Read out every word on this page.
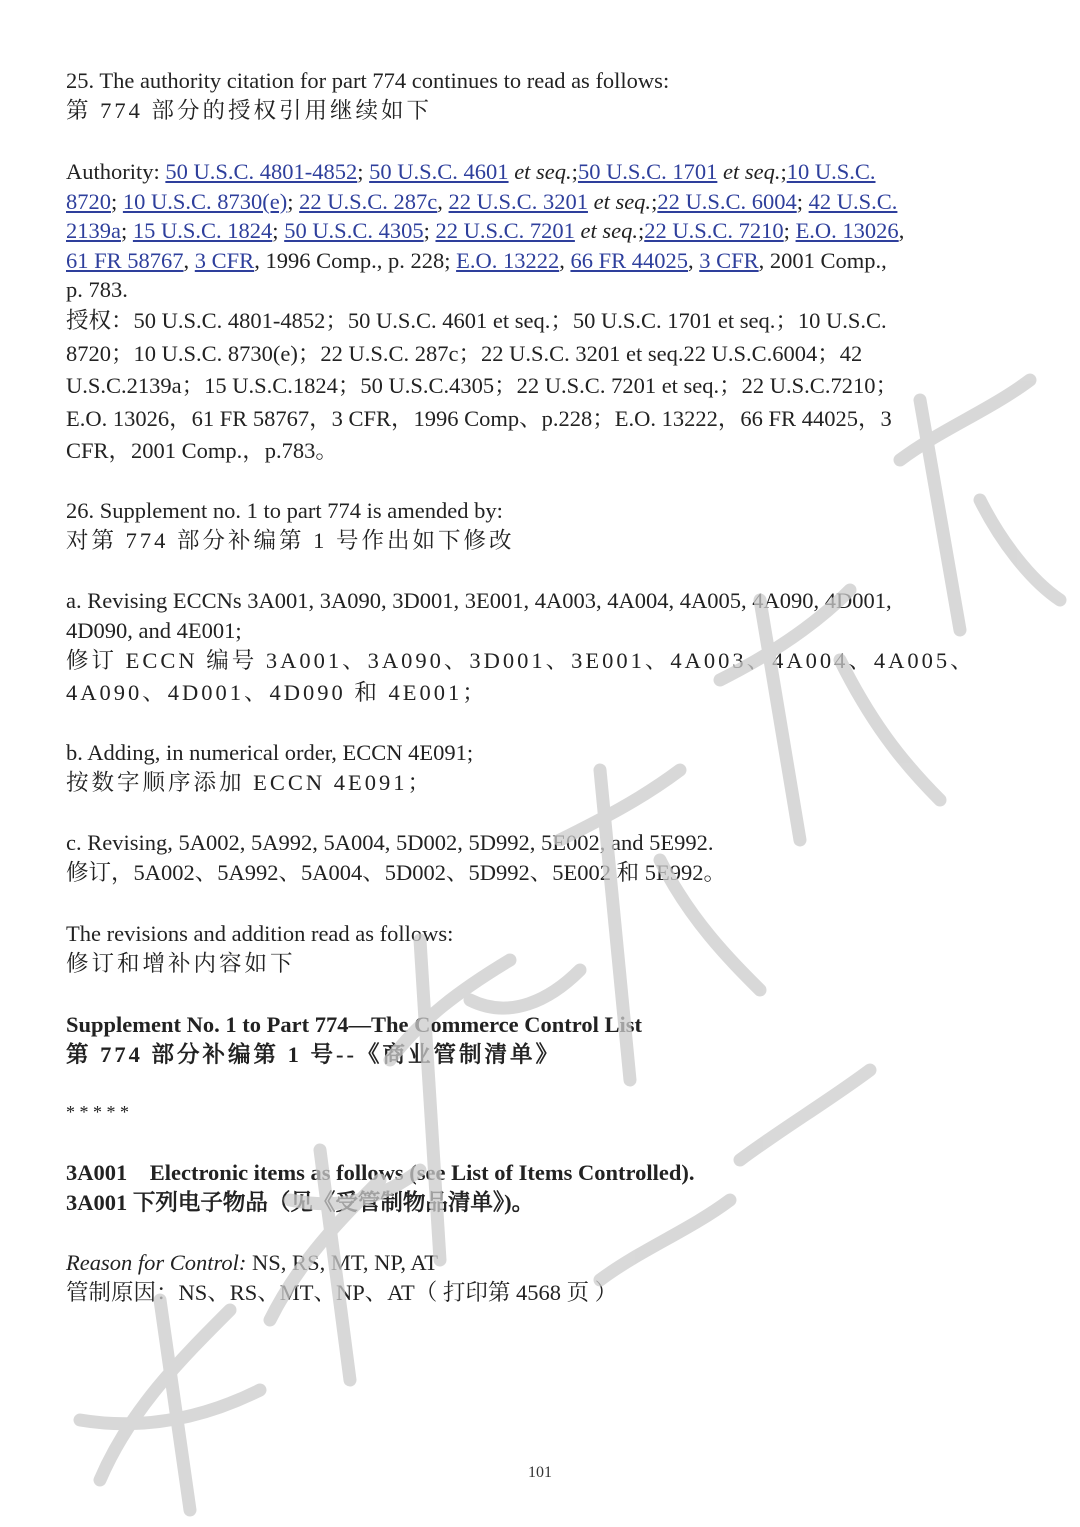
25. The authority citation for part 774 continues to read as follows:
第 774 部分的授权引用继续如下
Authority: 50 U.S.C. 4801-4852; 50 U.S.C. 4601 et seq.;50 U.S.C. 1701 et seq.;10 U.S.C.
8720; 10 U.S.C. 8730(e); 22 U.S.C. 287c, 22 U.S.C. 3201 et seq.;22 U.S.C. 6004; 42 U.S.C.
2139a; 15 U.S.C. 1824; 50 U.S.C. 4305; 22 U.S.C. 7201 et seq.;22 U.S.C. 7210; E.O. 13026,
61 FR 58767, 3 CFR, 1996 Comp., p. 228; E.O. 13222, 66 FR 44025, 3 CFR, 2001 Comp.,
p. 783.
授权：50 U.S.C. 4801-4852；50 U.S.C. 4601 et seq.；50 U.S.C. 1701 et seq.；10 U.S.C.
8720；10 U.S.C. 8730(e)；22 U.S.C. 287c；22 U.S.C. 3201 et seq.22 U.S.C.6004；42
U.S.C.2139a；15 U.S.C.1824；50 U.S.C.4305；22 U.S.C. 7201 et seq.；22 U.S.C.7210；
E.O. 13026，61 FR 58767，3 CFR，1996 Comp、p.228；E.O. 13222，66 FR 44025，3
CFR，2001 Comp.，p.783。
26. Supplement no. 1 to part 774 is amended by:
对第 774 部分补编第 1 号作出如下修改
a. Revising ECCNs 3A001, 3A090, 3D001, 3E001, 4A003, 4A004, 4A005, 4A090, 4D001,
4D090, and 4E001;
修订 ECCN 编号 3A001、3A090、3D001、3E001、4A003、4A004、4A005、
4A090、4D001、4D090 和 4E001；
b. Adding, in numerical order, ECCN 4E091;
按数字顺序添加 ECCN 4E091；
c. Revising, 5A002, 5A992, 5A004, 5D002, 5D992, 5E002, and 5E992.
修订，5A002、5A992、5A004、5D002、5D992、5E002 和 5E992。
The revisions and addition read as follows:
修订和增补内容如下
Supplement No. 1 to Part 774—The Commerce Control List
第 774 部分补编第 1 号--《商业管制清单》
* * * * *
3A001    Electronic items as follows (see List of Items Controlled).
3A001 下列电子物品（见《受管制物品清单》)。
Reason for Control: NS, RS, MT, NP, AT
管制原因：NS、RS、MT、NP、AT（ 打印第 4568 页 ）
101
